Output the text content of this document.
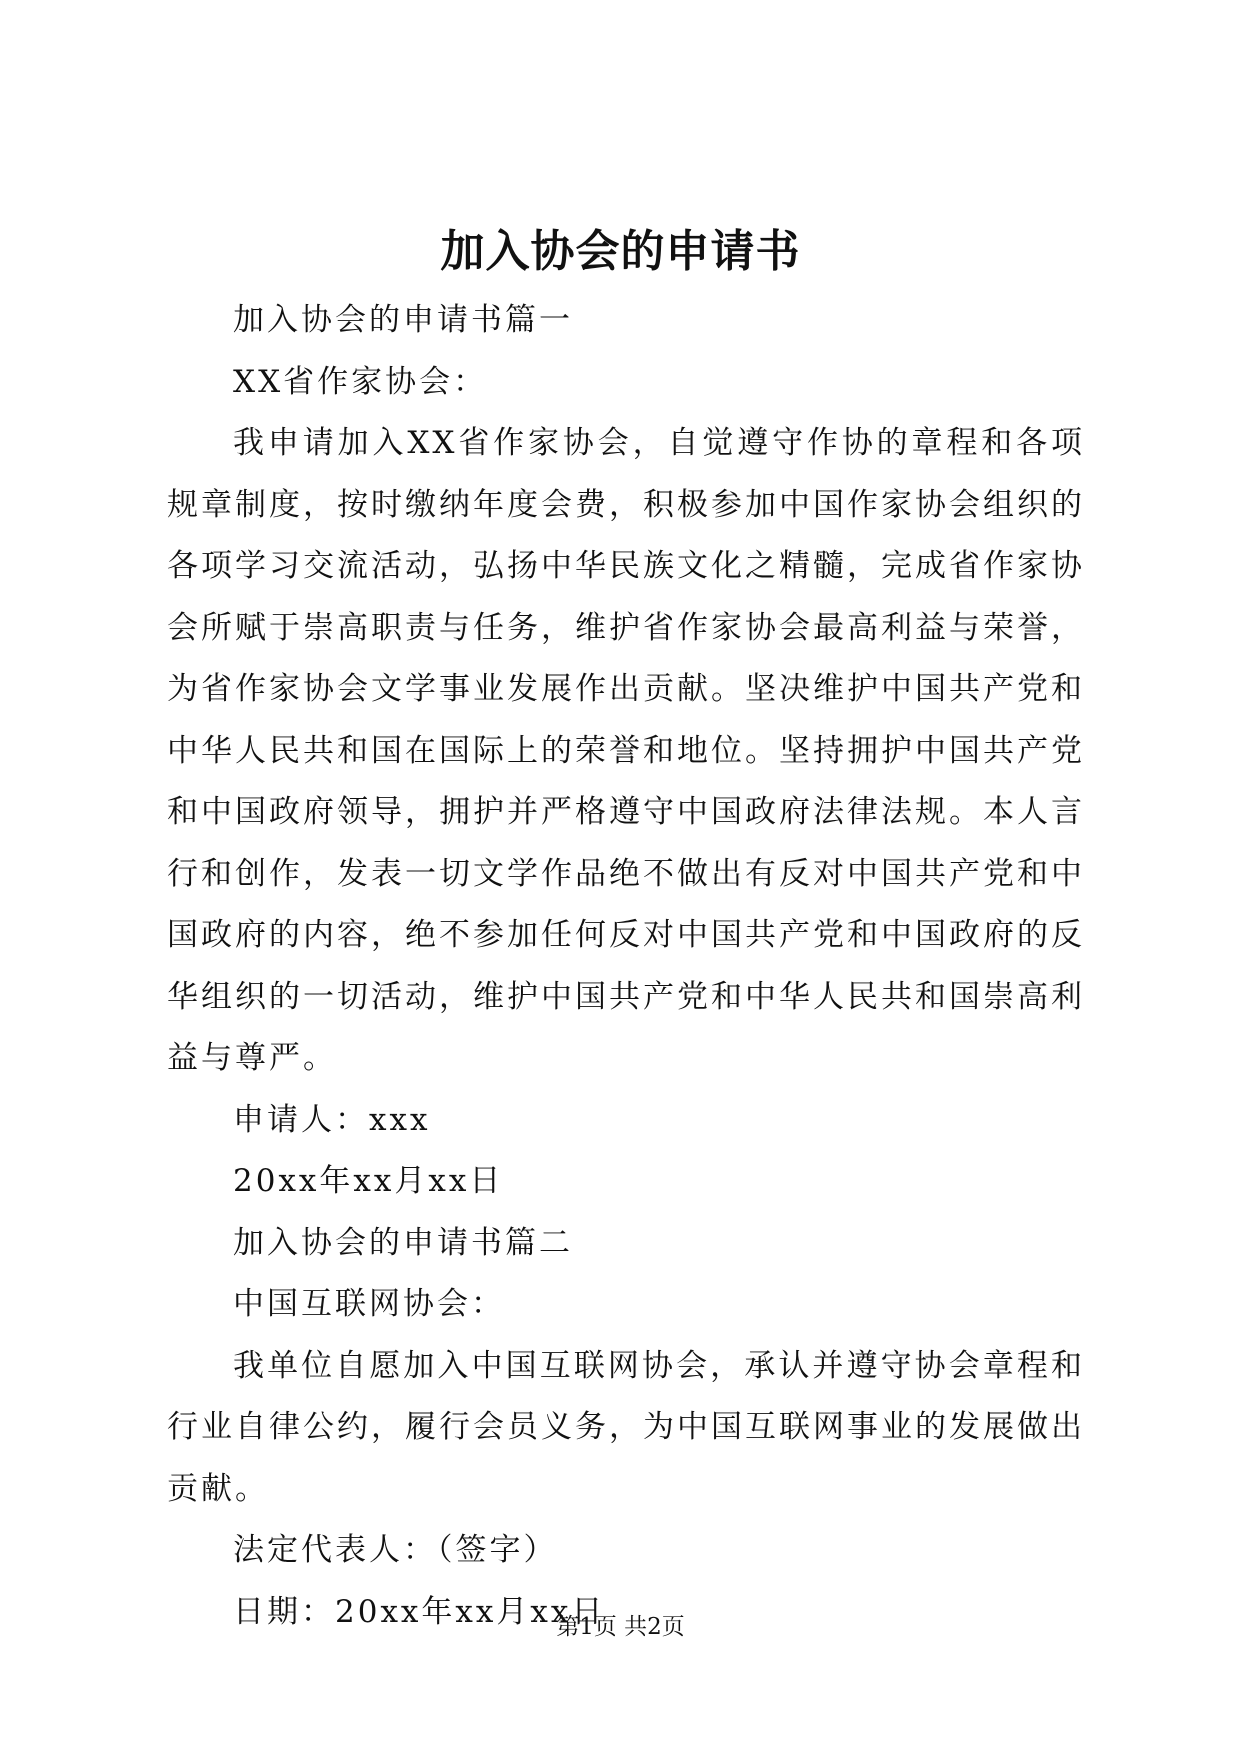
加入协会的申请书

加入协会的申请书篇一

XX省作家协会：

我申请加入XX省作家协会，自觉遵守作协的章程和各项规章制度，按时缴纳年度会费，积极参加中国作家协会组织的各项学习交流活动，弘扬中华民族文化之精髓，完成省作家协会所赋于崇高职责与任务，维护省作家协会最高利益与荣誉，为省作家协会文学事业发展作出贡献。坚决维护中国共产党和中华人民共和国在国际上的荣誉和地位。坚持拥护中国共产党和中国政府领导，拥护并严格遵守中国政府法律法规。本人言行和创作，发表一切文学作品绝不做出有反对中国共产党和中国政府的内容，绝不参加任何反对中国共产党和中国政府的反华组织的一切活动，维护中国共产党和中华人民共和国崇高利益与尊严。

申请人：xxx

20xx年xx月xx日

加入协会的申请书篇二

中国互联网协会：

我单位自愿加入中国互联网协会，承认并遵守协会章程和行业自律公约，履行会员义务，为中国互联网事业的发展做出贡献。

法定代表人：（签字）

日期：20xx年xx月xx日

第1页 共2页
